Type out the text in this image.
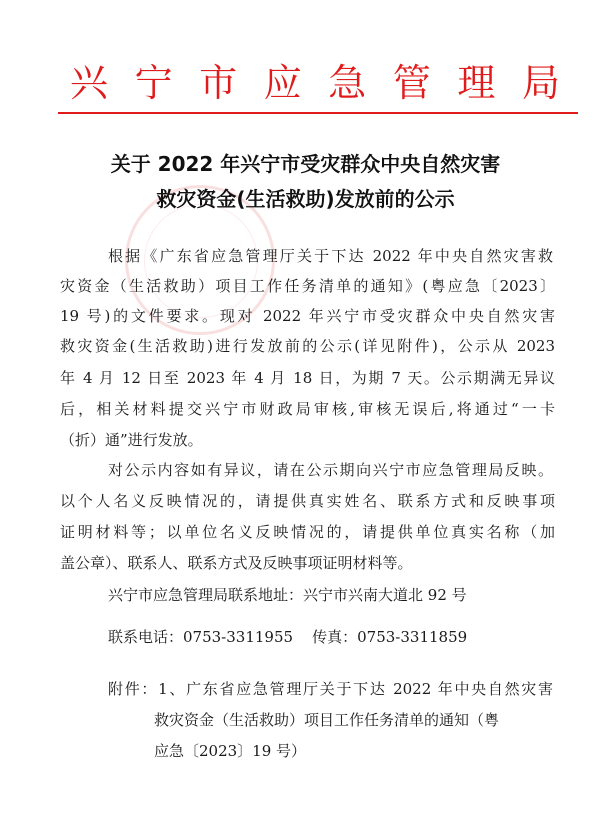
兴 宁 市 应 急 管 理 局
关于 2022 年兴宁市受灾群众中央自然灾害
救灾资金(生活救助)发放前的公示
根据《广东省应急管理厅关于下达 2022 年中央自然灾害救
灾资金（生活救助）项目工作任务清单的通知》(粤应急〔2023〕
19 号)的文件要求。现对 2022 年兴宁市受灾群众中央自然灾害
救灾资金(生活救助)进行发放前的公示(详见附件)，公示从 2023
年 4 月 12 日至 2023 年 4 月 18 日，为期 7 天。公示期满无异议
后，相关材料提交兴宁市财政局审核,审核无误后,将通过“一卡
（折）通”进行发放。
对公示内容如有异议，请在公示期向兴宁市应急管理局反映。
以个人名义反映情况的，请提供真实姓名、联系方式和反映事项
证明材料等；以单位名义反映情况的，请提供单位真实名称（加
盖公章）、联系人、联系方式及反映事项证明材料等。
兴宁市应急管理局联系地址：兴宁市兴南大道北 92 号
联系电话：0753-3311955    传真：0753-3311859
附件：1、广东省应急管理厅关于下达 2022 年中央自然灾害
救灾资金（生活救助）项目工作任务清单的通知（粤
应急〔2023〕19 号）
